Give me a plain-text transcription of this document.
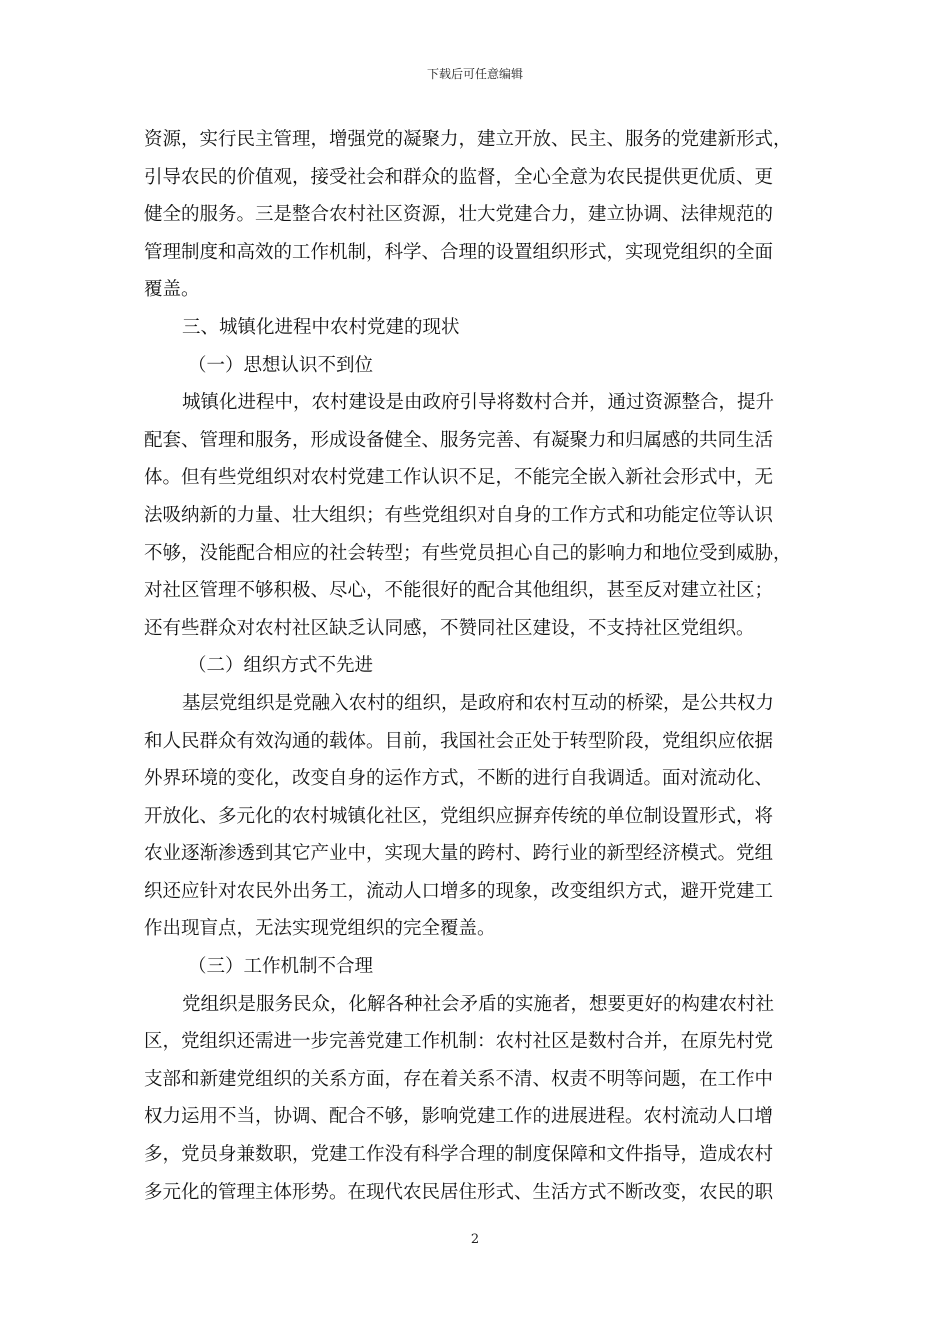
下载后可任意编辑
资源，实行民主管理，增强党的凝聚力，建立开放、民主、服务的党建新形式，
引导农民的价值观，接受社会和群众的监督，全心全意为农民提供更优质、更
健全的服务。三是整合农村社区资源，壮大党建合力，建立协调、法律规范的
管理制度和高效的工作机制，科学、合理的设置组织形式，实现党组织的全面
覆盖。
三、城镇化进程中农村党建的现状
（一）思想认识不到位
城镇化进程中，农村建设是由政府引导将数村合并，通过资源整合，提升
配套、管理和服务，形成设备健全、服务完善、有凝聚力和归属感的共同生活
体。但有些党组织对农村党建工作认识不足，不能完全嵌入新社会形式中，无
法吸纳新的力量、壮大组织；有些党组织对自身的工作方式和功能定位等认识
不够，没能配合相应的社会转型；有些党员担心自己的影响力和地位受到威胁，
对社区管理不够积极、尽心，不能很好的配合其他组织，甚至反对建立社区；
还有些群众对农村社区缺乏认同感，不赞同社区建设，不支持社区党组织。
（二）组织方式不先进
基层党组织是党融入农村的组织，是政府和农村互动的桥梁，是公共权力
和人民群众有效沟通的载体。目前，我国社会正处于转型阶段，党组织应依据
外界环境的变化，改变自身的运作方式，不断的进行自我调适。面对流动化、
开放化、多元化的农村城镇化社区，党组织应摒弃传统的单位制设置形式，将
农业逐渐渗透到其它产业中，实现大量的跨村、跨行业的新型经济模式。党组
织还应针对农民外出务工，流动人口增多的现象，改变组织方式，避开党建工
作出现盲点，无法实现党组织的完全覆盖。
（三）工作机制不合理
党组织是服务民众，化解各种社会矛盾的实施者，想要更好的构建农村社
区，党组织还需进一步完善党建工作机制：农村社区是数村合并，在原先村党
支部和新建党组织的关系方面，存在着关系不清、权责不明等问题，在工作中
权力运用不当，协调、配合不够，影响党建工作的进展进程。农村流动人口增
多，党员身兼数职，党建工作没有科学合理的制度保障和文件指导，造成农村
多元化的管理主体形势。在现代农民居住形式、生活方式不断改变，农民的职
2
